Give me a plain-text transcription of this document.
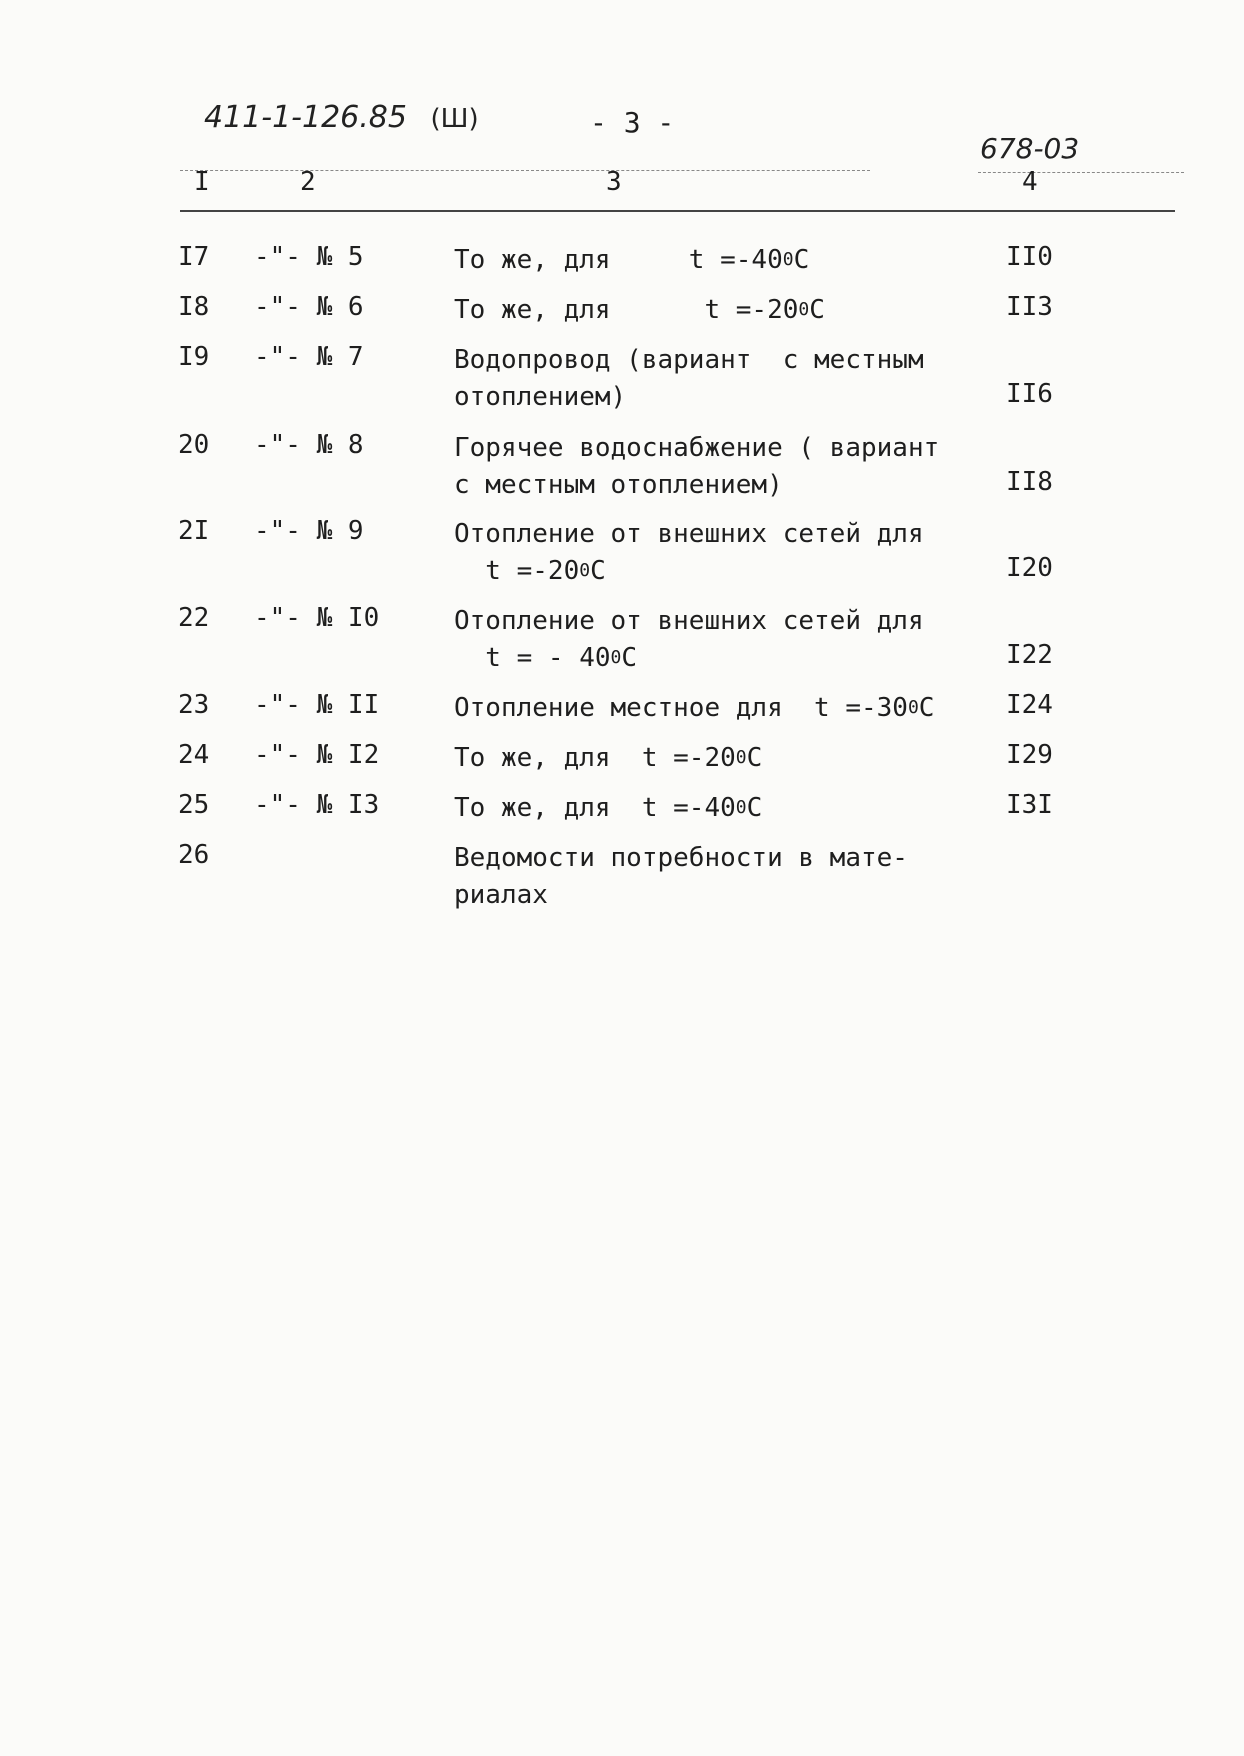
411-1-126.85 (Ш)	- 3 -
678-03
I	2	3	4
I7 -"- № 5	То же, для     $t =-40^0C$	II0
I8 -"- № 6	То же, для      $t =-20^0C$	II3
I9 -"- № 7	Водопровод (вариант  с местным
отоплением)	II6
20 -"- № 8	Горячее водоснабжение ( вариант
с местным отоплением)	II8
2I -"- № 9	Отопление от внешних сетей для
$t =-20^0C$	I20
22 -"- № I0	Отопление от внешних сетей для
t = - $40^0C$	I22
23 -"- № II	Отопление местное для  $t =-30^0C$	I24
24 -"- № I2	То же, для  $t =-20^0C$	I29
25 -"- № I3	То же, для  $t =-40^0C$	I3I
26	Ведомости потребности в мате-
риалах
